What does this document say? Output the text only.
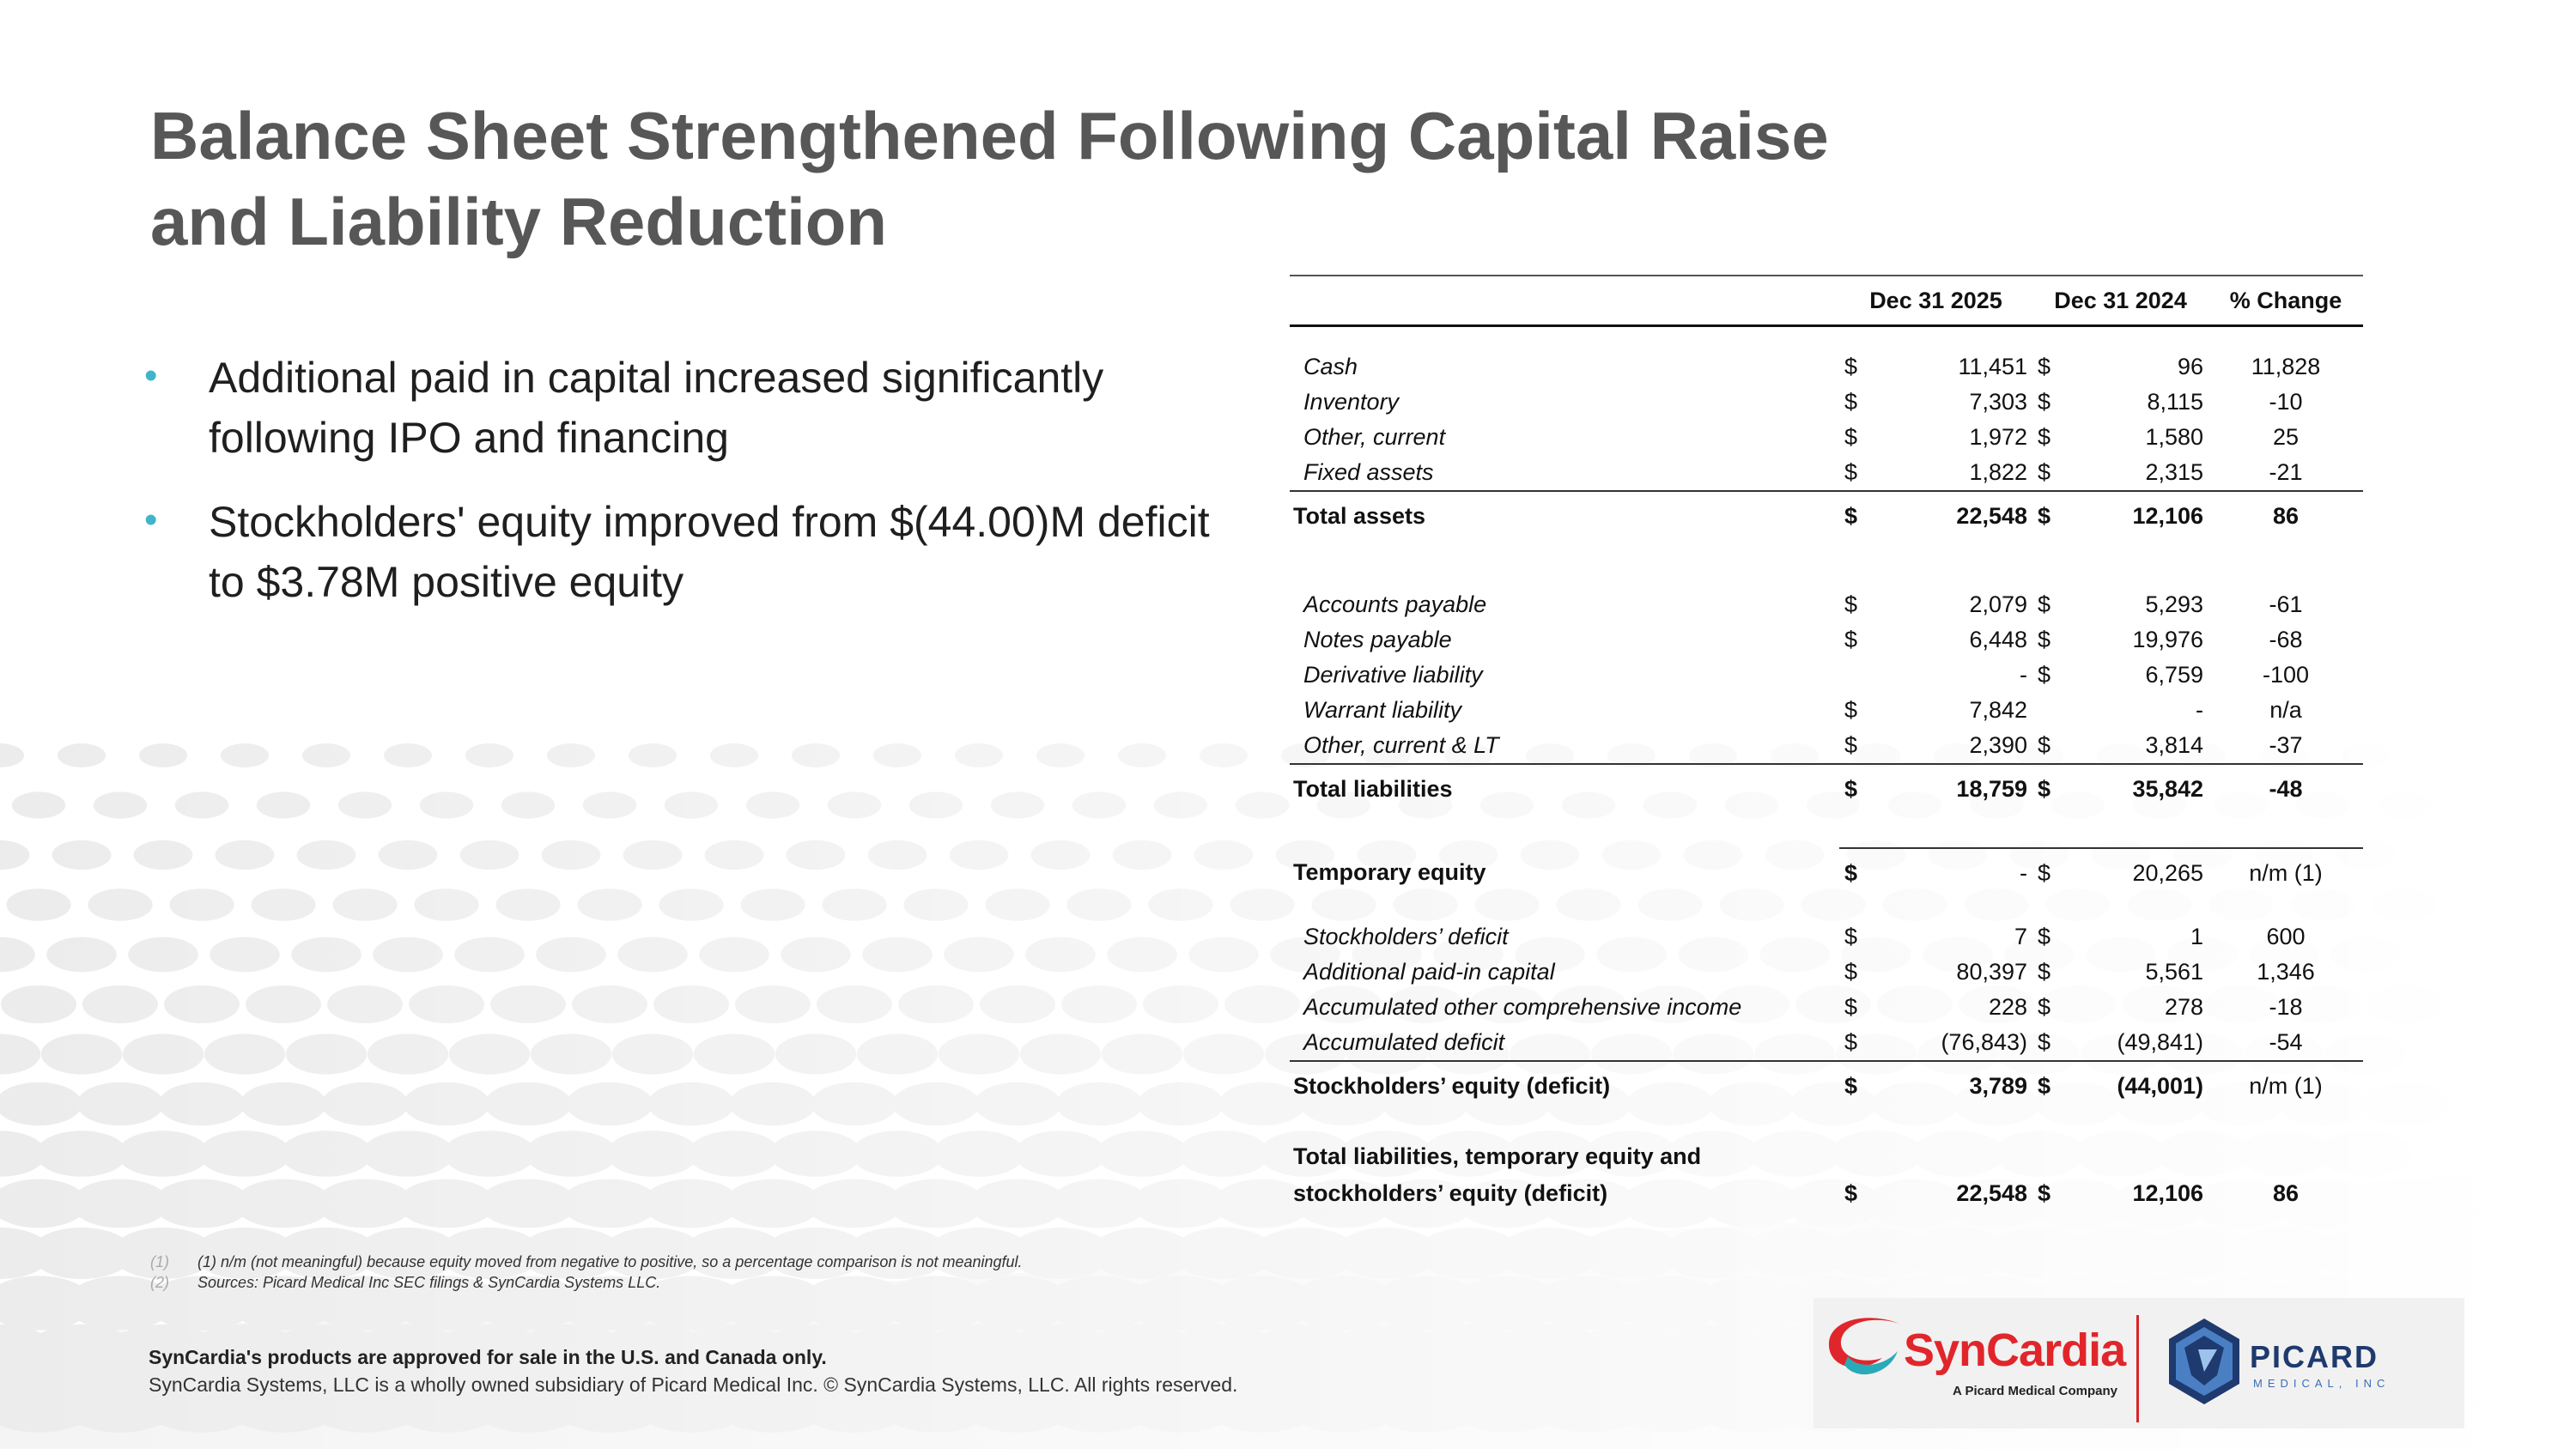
Balance Sheet Strengthened Following Capital Raise
and Liability Reduction
• Additional paid in capital increased significantly following IPO and financing
• Stockholders' equity improved from $(44.00)M deficit to $3.78M positive equity
	Dec 31 2025		Dec 31 2024		% Change

Cash	$	11,451	$	96	11,828
Inventory	$	7,303	$	8,115	-10
Other, current	$	1,972	$	1,580	25
Fixed assets	$	1,822	$	2,315	-21
Total assets	$	22,548	$	12,106	86

Accounts payable	$	2,079	$	5,293	-61
Notes payable	$	6,448	$	19,976	-68
Derivative liability		-	$	6,759	-100
Warrant liability	$	7,842		-	n/a
Other, current & LT	$	2,390	$	3,814	-37
Total liabilities	$	18,759	$	35,842	-48

Temporary equity	$	-	$	20,265	n/m (1)

Stockholders’ deficit	$	7	$	1	600
Additional paid-in capital	$	80,397	$	5,561	1,346
Accumulated other comprehensive income	$	228	$	278	-18
Accumulated deficit	$	(76,843)	$	(49,841)	-54
Stockholders’ equity (deficit)	$	3,789	$	(44,001)	n/m (1)

Total liabilities, temporary equity and					
stockholders’ equity (deficit)	$	22,548	$	12,106	86
(1)	(1) n/m (not meaningful) because equity moved from negative to positive, so a percentage comparison is not meaningful.
(2)	Sources: Picard Medical Inc SEC filings & SynCardia Systems LLC.
SynCardia's products are approved for sale in the U.S. and Canada only.
SynCardia Systems, LLC is a wholly owned subsidiary of Picard Medical Inc. © SynCardia Systems, LLC. All rights reserved.
SynCardia
A Picard Medical Company
PICARD
MEDICAL, INC
